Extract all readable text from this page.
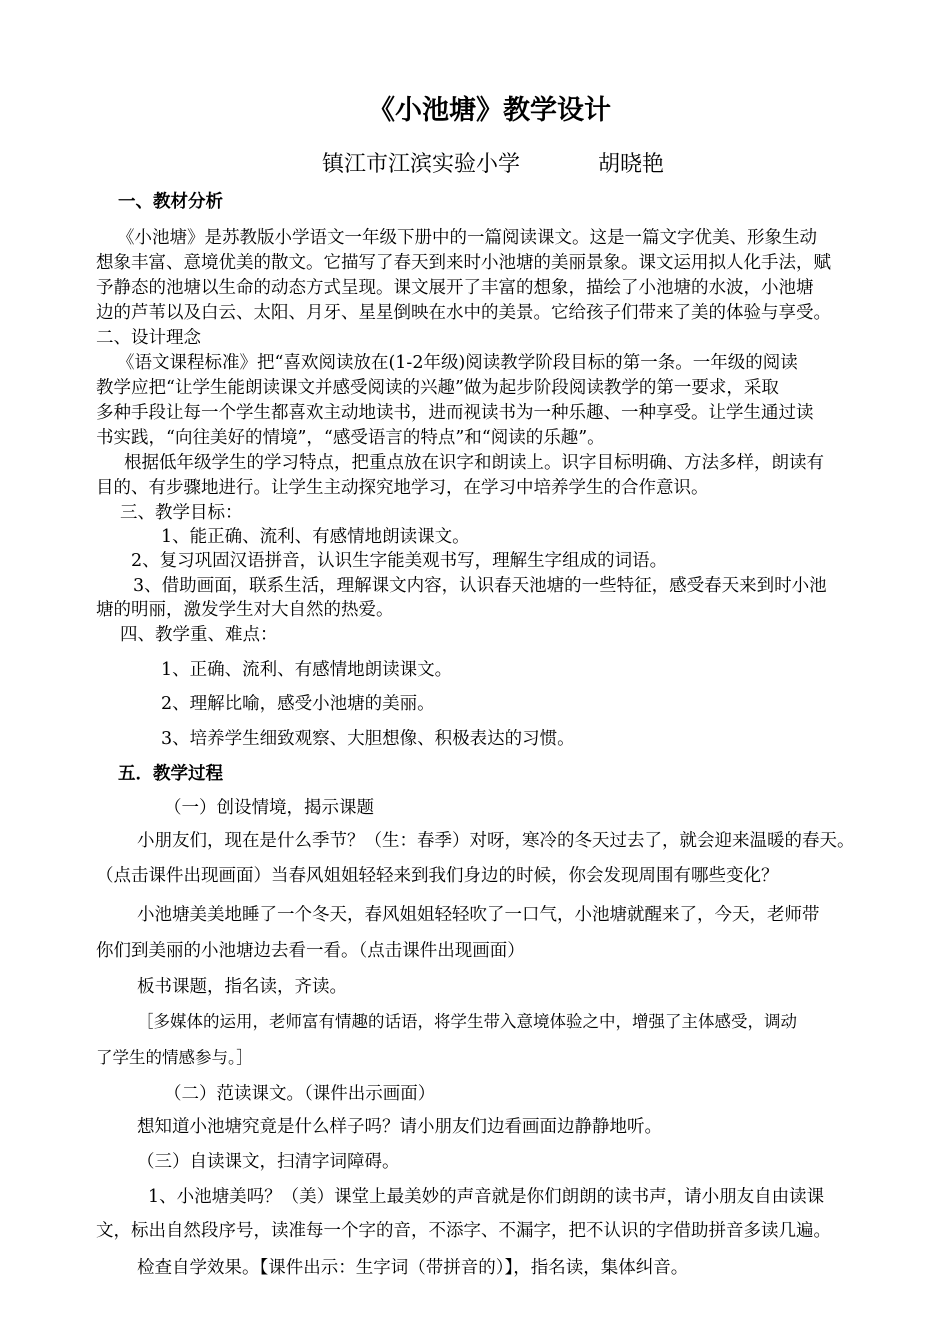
《小池塘》教学设计
镇江市江滨实验小学	胡晓艳
一、教材分析
《小池塘》是苏教版小学语文一年级下册中的一篇阅读课文。这是一篇文字优美、形象生动
想象丰富、意境优美的散文。它描写了春天到来时小池塘的美丽景象。课文运用拟人化手法，赋
予静态的池塘以生命的动态方式呈现。课文展开了丰富的想象，描绘了小池塘的水波，小池塘
边的芦苇以及白云、太阳、月牙、星星倒映在水中的美景。它给孩子们带来了美的体验与享受。
二、设计理念
《语文课程标准》把“喜欢阅读放在(1-2年级)阅读教学阶段目标的第一条。一年级的阅读
教学应把“让学生能朗读课文并感受阅读的兴趣”做为起步阶段阅读教学的第一要求，采取
多种手段让每一个学生都喜欢主动地读书，进而视读书为一种乐趣、一种享受。让学生通过读
书实践，“向往美好的情境”，“感受语言的特点”和“阅读的乐趣”。
根据低年级学生的学习特点，把重点放在识字和朗读上。识字目标明确、方法多样，朗读有
目的、有步骤地进行。让学生主动探究地学习，在学习中培养学生的合作意识。
三、教学目标：
1、能正确、流利、有感情地朗读课文。
2、复习巩固汉语拼音，认识生字能美观书写，理解生字组成的词语。
3、借助画面，联系生活，理解课文内容，认识春天池塘的一些特征，感受春天来到时小池
塘的明丽，激发学生对大自然的热爱。
四、教学重、难点：
1、正确、流利、有感情地朗读课文。
2、理解比喻，感受小池塘的美丽。
3、培养学生细致观察、大胆想像、积极表达的习惯。
五．教学过程
（一）创设情境，揭示课题
小朋友们，现在是什么季节？（生：春季）对呀，寒冷的冬天过去了，就会迎来温暖的春天。
（点击课件出现画面）当春风姐姐轻轻来到我们身边的时候，你会发现周围有哪些变化？
小池塘美美地睡了一个冬天，春风姐姐轻轻吹了一口气，小池塘就醒来了，今天，老师带
你们到美丽的小池塘边去看一看。（点击课件出现画面）
板书课题，指名读，齐读。
［多媒体的运用，老师富有情趣的话语，将学生带入意境体验之中，增强了主体感受，调动
了学生的情感参与。］
（二）范读课文。（课件出示画面）
想知道小池塘究竟是什么样子吗？请小朋友们边看画面边静静地听。
（三）自读课文，扫清字词障碍。
1、小池塘美吗？（美）课堂上最美妙的声音就是你们朗朗的读书声，请小朋友自由读课
文，标出自然段序号，读准每一个字的音，不添字、不漏字，把不认识的字借助拼音多读几遍。
检查自学效果。【课件出示：生字词（带拼音的）】，指名读，集体纠音。
